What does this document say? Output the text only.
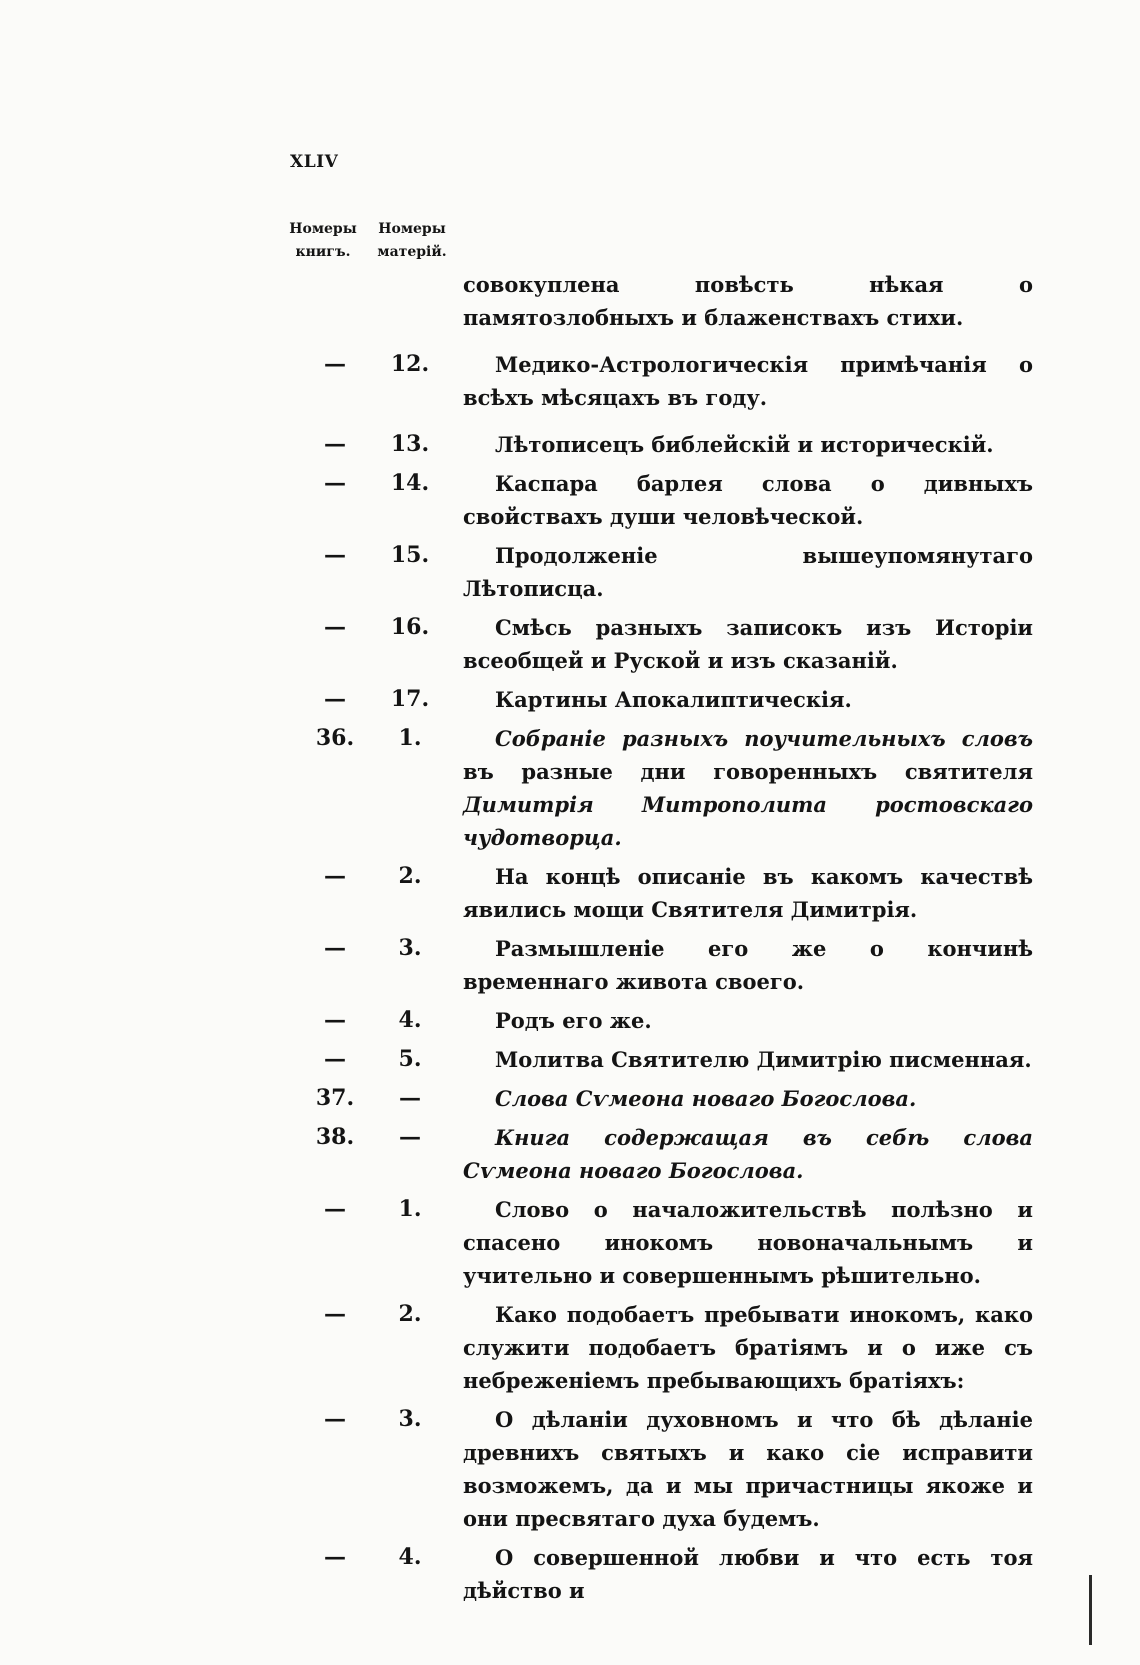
XLIV
Номеры
книгъ.
Номеры
матерій.
совокуплена повѣсть нѣкая о памятозлобныхъ и блаженствахъ стихи.
—	12.	Медико-Астрологическія примѣчанія о всѣхъ мѣсяцахъ въ году.
—	13.	Лѣтописецъ библейскій и историческій.
—	14.	Каспара барлея слова о дивныхъ свойствахъ души человѣческой.
—	15.	Продолженіе вышеупомянутаго Лѣтописца.
—	16.	Смѣсь разныхъ записокъ изъ Исторіи всеобщей и Руской и изъ сказаній.
—	17.	Картины Апокалиптическія.
36.	1.	Собраніе разныхъ поучительныхъ словъ въ разные дни говоренныхъ святителя Димитрія Митрополита ростовскаго чудотворца.
—	2.	На концѣ описаніе въ какомъ качествѣ явились мощи Святителя Димитрія.
—	3.	Размышленіе его же о кончинѣ временнаго живота своего.
—	4.	Родъ его же.
—	5.	Молитва Святителю Димитрію писменная.
37.	—	Слова Сѵмеона новаго Богослова.
38.	—	Книга содержащая въ себѣ слова Сѵмеона новаго Богослова.
—	1.	Слово о началожительствѣ полѣзно и спасено инокомъ новоначальнымъ и учительно и совершеннымъ рѣшительно.
—	2.	Како подобаетъ пребывати инокомъ, како служити подобаетъ братіямъ и о иже съ небреженіемъ пребывающихъ братіяхъ:
—	3.	О дѣланіи духовномъ и что бѣ дѣланіе древнихъ святыхъ и како сіе исправити возможемъ, да и мы причастницы якоже и они пресвятаго духа будемъ.
—	4.	О совершенной любви и что есть тоя дѣйство и
